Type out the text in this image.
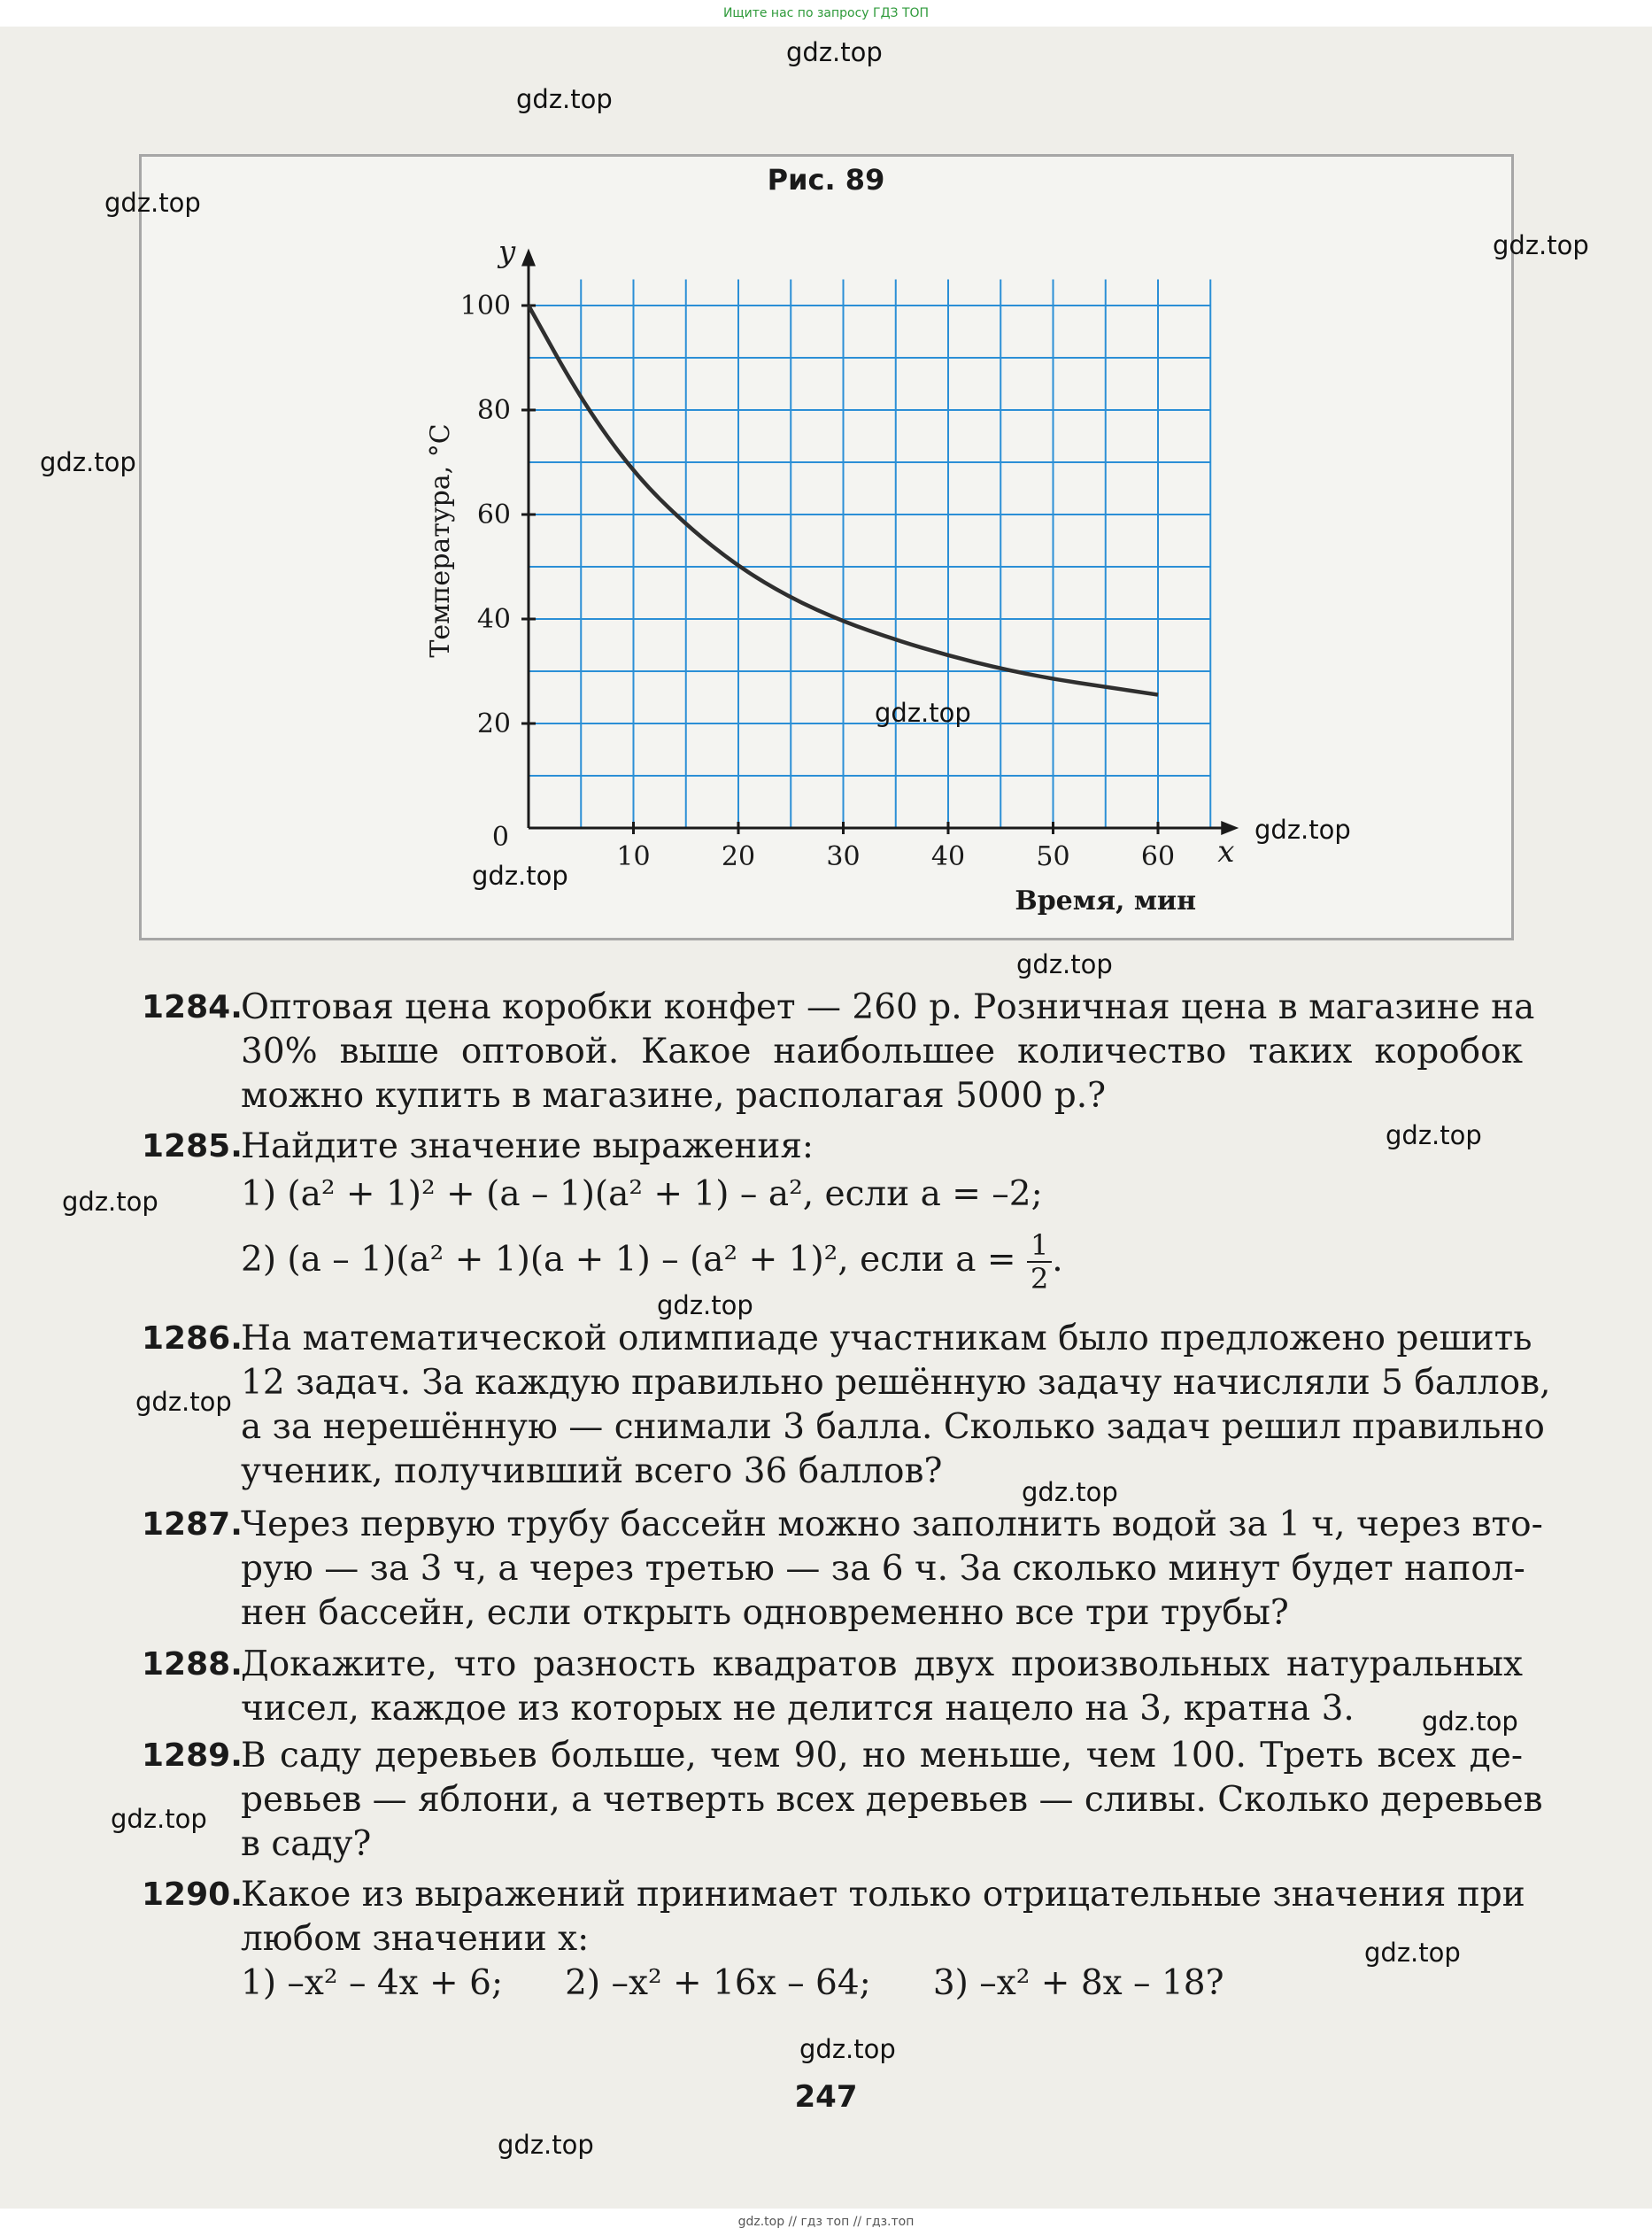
Ищите нас по запросу ГДЗ ТОП
Рис. 89
10	20	30	40	50	60
20
40
60
80
100
0	x
y
Время, мин
Температура, °С
1284.
Оптовая цена коробки конфет — 260 р. Розничная цена в магазине на
30% выше оптовой. Какое наибольшее количество таких коробок
можно купить в магазине, располагая 5000 р.?
1285.
Найдите значение выражения:
1) (a² + 1)² + (a – 1)(a² + 1) – a², если a = –2;
2) (a – 1)(a² + 1)(a + 1) – (a² + 1)², если $a = \frac{1}{2}$ .
1286.
На математической олимпиаде участникам было предложено решить
12 задач. За каждую правильно решённую задачу начисляли 5 баллов,
а за нерешённую — снимали 3 балла. Сколько задач решил правильно
ученик, получивший всего 36 баллов?
1287.
Через первую трубу бассейн можно заполнить водой за 1 ч, через вто-
рую — за 3 ч, а через третью — за 6 ч. За сколько минут будет напол-
нен бассейн, если открыть одновременно все три трубы?
1288.
Докажите, что разность квадратов двух произвольных натуральных
чисел, каждое из которых не делится нацело на 3, кратна 3.
1289.
В саду деревьев больше, чем 90, но меньше, чем 100. Треть всех де-
ревьев — яблони, а четверть всех деревьев — сливы. Сколько деревьев
в саду?
1290.
Какое из выражений принимает только отрицательные значения при
любом значении x:
1) –x² – 4x + 6; 2) –x² + 16x – 64; 3) –x² + 8x – 18?
247
gdz.top
gdz.top
gdz.top
gdz.top
gdz.top
gdz.top
gdz.top
gdz.top
gdz.top
gdz.top
gdz.top
gdz.top
gdz.top
gdz.top
gdz.top
gdz.top
gdz.top
gdz.top
gdz.top
gdz.top // гдз топ // гдз.топ
